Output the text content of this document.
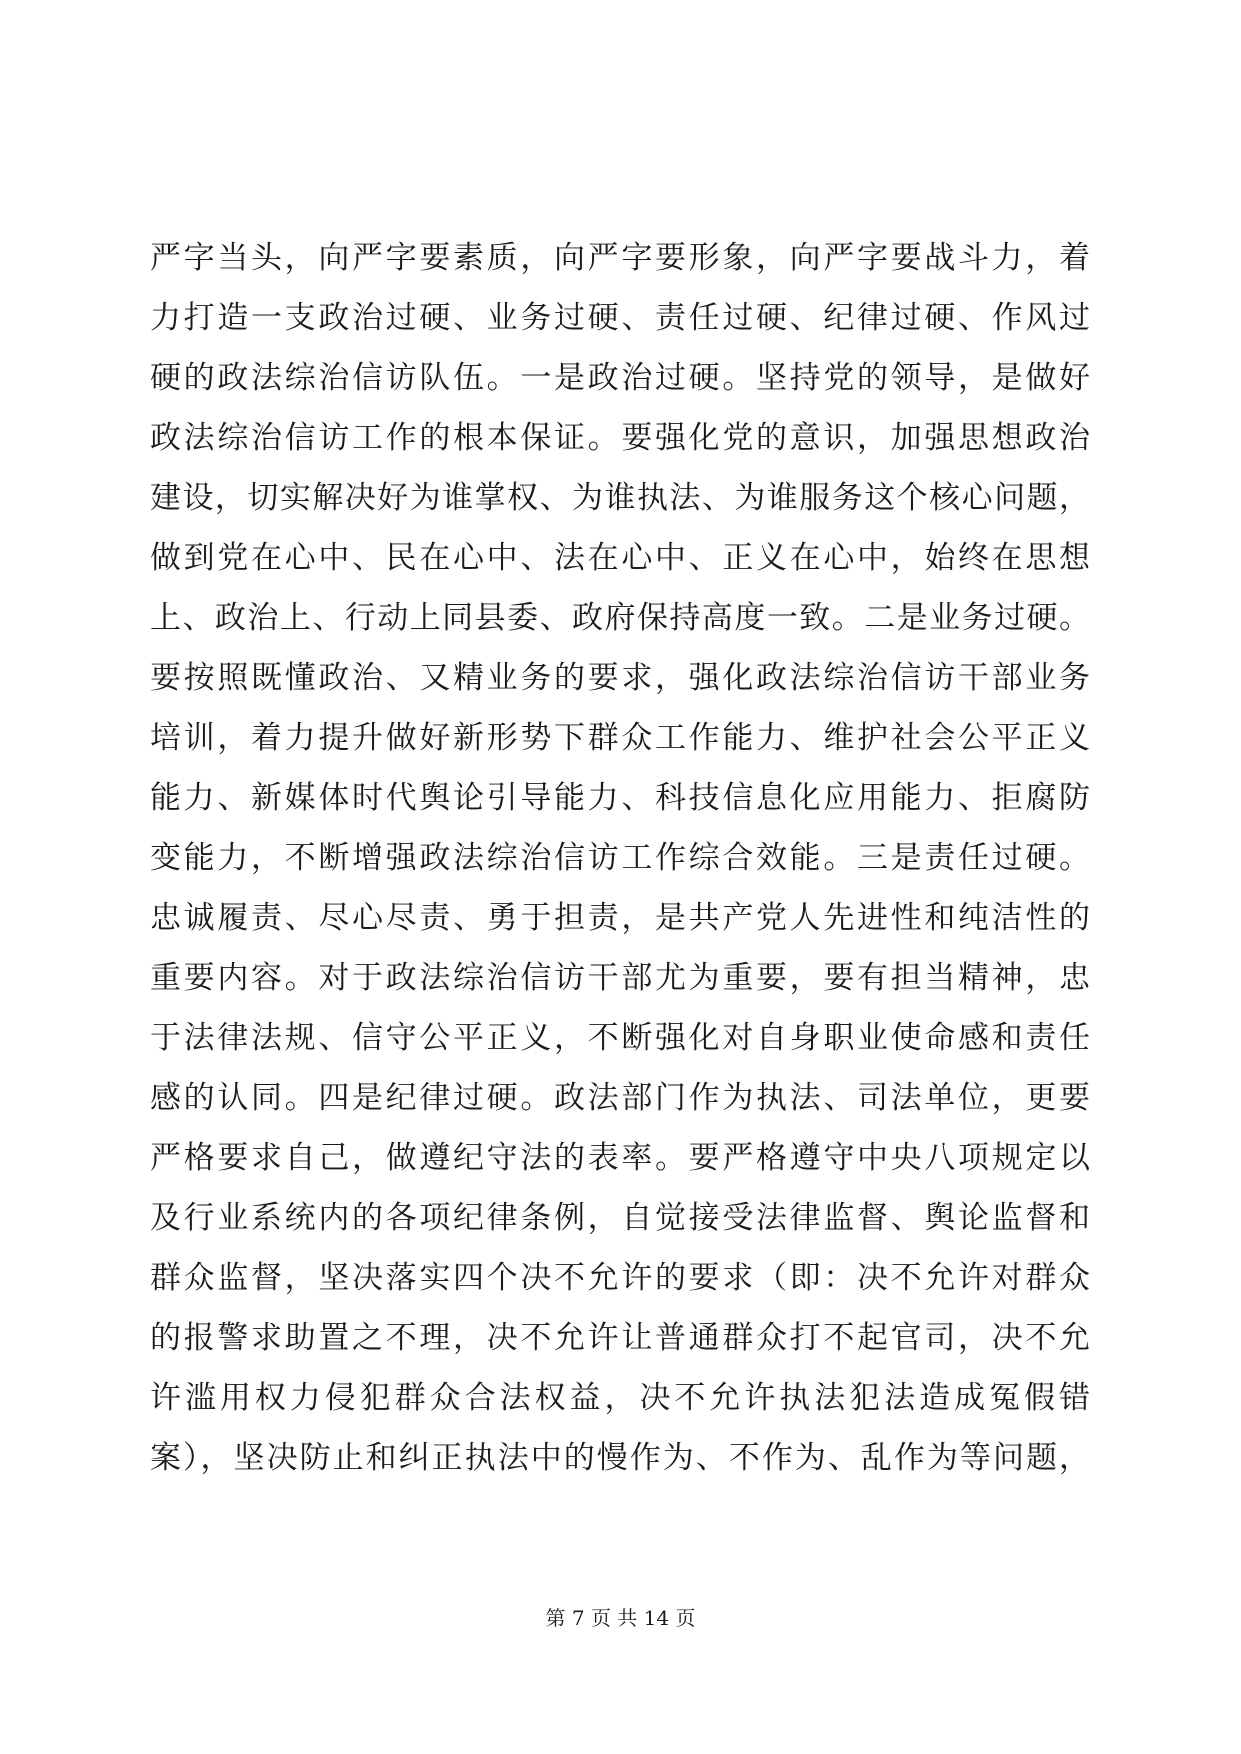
严字当头，向严字要素质，向严字要形象，向严字要战斗力，着
力打造一支政治过硬、业务过硬、责任过硬、纪律过硬、作风过
硬的政法综治信访队伍。一是政治过硬。坚持党的领导，是做好
政法综治信访工作的根本保证。要强化党的意识，加强思想政治
建设，切实解决好为谁掌权、为谁执法、为谁服务这个核心问题，
做到党在心中、民在心中、法在心中、正义在心中，始终在思想
上、政治上、行动上同县委、政府保持高度一致。二是业务过硬。
要按照既懂政治、又精业务的要求，强化政法综治信访干部业务
培训，着力提升做好新形势下群众工作能力、维护社会公平正义
能力、新媒体时代舆论引导能力、科技信息化应用能力、拒腐防
变能力，不断增强政法综治信访工作综合效能。三是责任过硬。
忠诚履责、尽心尽责、勇于担责，是共产党人先进性和纯洁性的
重要内容。对于政法综治信访干部尤为重要，要有担当精神，忠
于法律法规、信守公平正义，不断强化对自身职业使命感和责任
感的认同。四是纪律过硬。政法部门作为执法、司法单位，更要
严格要求自己，做遵纪守法的表率。要严格遵守中央八项规定以
及行业系统内的各项纪律条例，自觉接受法律监督、舆论监督和
群众监督，坚决落实四个决不允许的要求（即：决不允许对群众
的报警求助置之不理，决不允许让普通群众打不起官司，决不允
许滥用权力侵犯群众合法权益，决不允许执法犯法造成冤假错
案），坚决防止和纠正执法中的慢作为、不作为、乱作为等问题，
第 7 页 共 14 页
